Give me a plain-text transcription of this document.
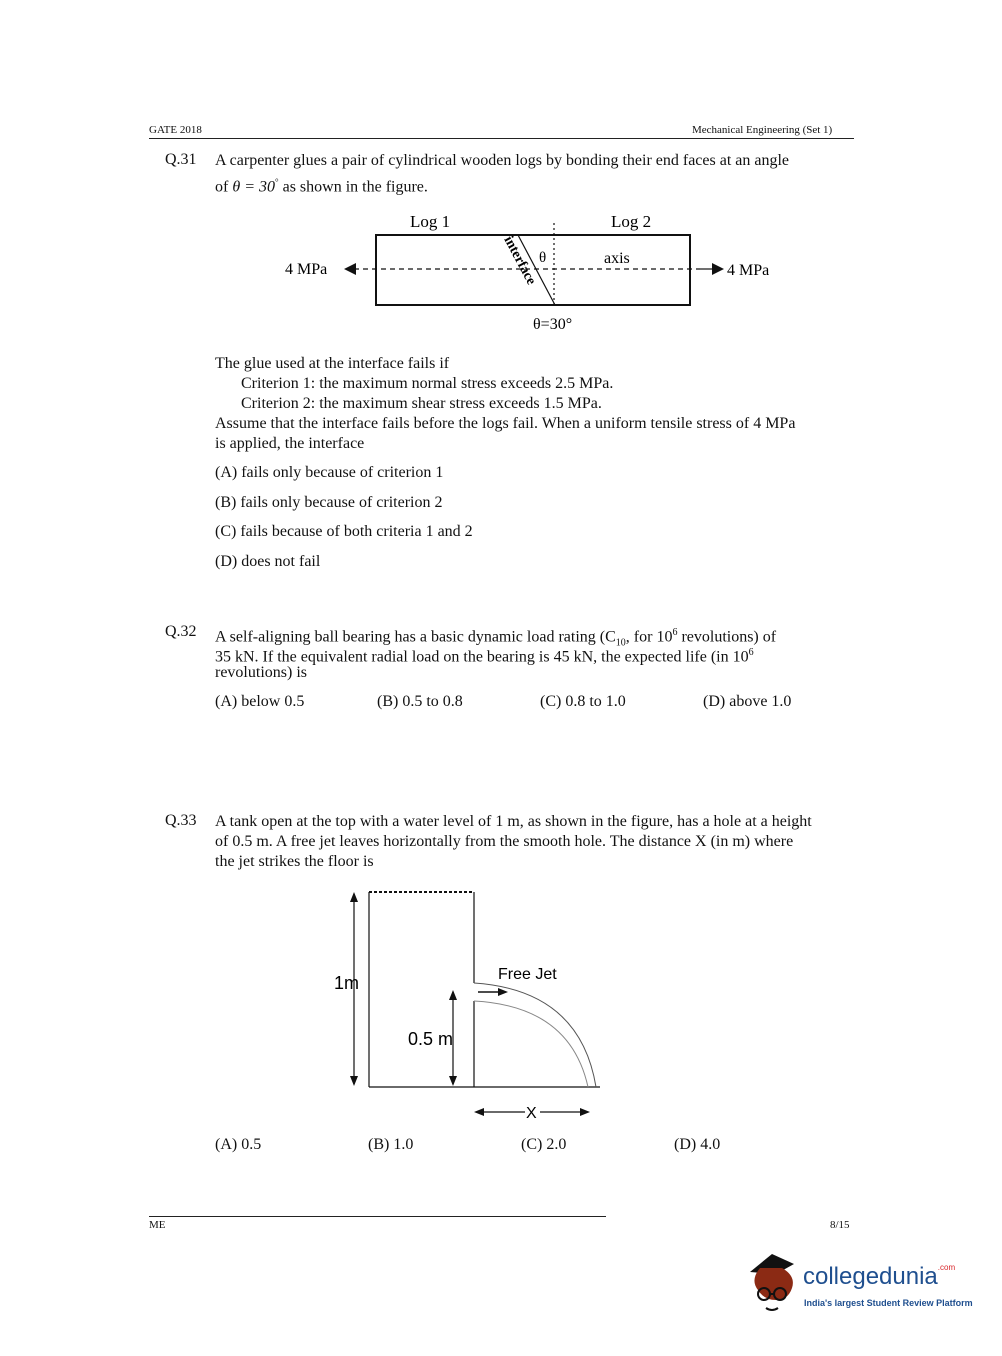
GATE 2018	Mechanical Engineering (Set 1)
Q.31 A carpenter glues a pair of cylindrical wooden logs by bonding their end faces at an angle
of θ = 30° as shown in the figure.
Log 1	Log 2
4 MPa	4 MPa
axis
θ
interface
θ=30°
The glue used at the interface fails if
Criterion 1: the maximum normal stress exceeds 2.5 MPa.
Criterion 2: the maximum shear stress exceeds 1.5 MPa.
Assume that the interface fails before the logs fail. When a uniform tensile stress of 4 MPa
is applied, the interface
(A) fails only because of criterion 1
(B) fails only because of criterion 2
(C) fails because of both criteria 1 and 2
(D) does not fail
Q.32 A self-aligning ball bearing has a basic dynamic load rating ($C_{10}$, for $10^6$ revolutions) of
35 kN. If the equivalent radial load on the bearing is 45 kN, the expected life (in $10^6$
revolutions) is
(A) below 0.5	(B) 0.5 to 0.8	(C) 0.8 to 1.0	(D) above 1.0
Q.33 A tank open at the top with a water level of 1 m, as shown in the figure, has a hole at a height
of 0.5 m. A free jet leaves horizontally from the smooth hole. The distance X (in m) where
the jet strikes the floor is
1m
0.5 m
Free Jet
X
(A) 0.5	(B) 1.0	(C) 2.0	(D) 4.0
ME	8/15
collegedunia$^{.com}$
India's largest Student Review Platform
